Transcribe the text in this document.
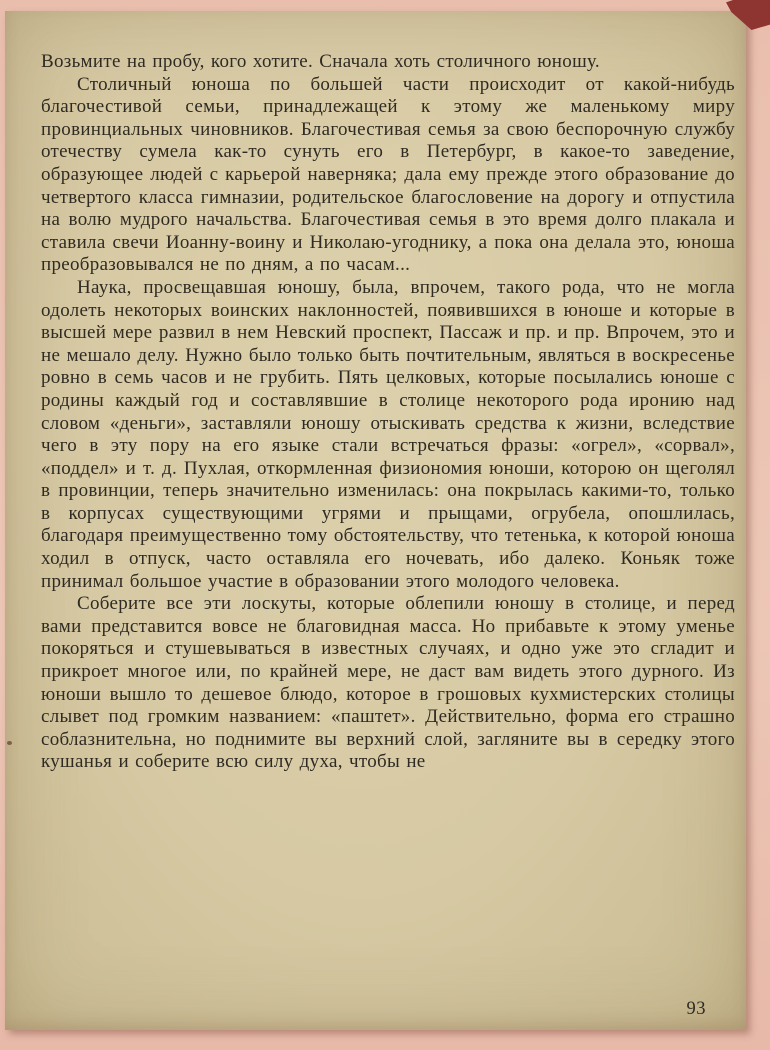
Возьмите на пробу, кого хотите. Сначала хоть столичного юношу.

Столичный юноша по большей части происходит от какой-нибудь благочестивой семьи, принадлежащей к этому же маленькому миру провинциальных чиновников. Благочестивая семья за свою беспорочную службу отечеству сумела как-то сунуть его в Петербург, в какое-то заведение, образующее людей с карьерой наверняка; дала ему прежде этого образование до четвертого класса гимназии, родительское благословение на дорогу и отпустила на волю мудрого начальства. Благочестивая семья в это время долго плакала и ставила свечи Иоанну-воину и Николаю-угоднику, а пока она делала это, юноша преобразовывался не по дням, а по часам...

Наука, просвещавшая юношу, была, впрочем, такого рода, что не могла одолеть некоторых воинских наклонностей, появившихся в юноше и которые в высшей мере развил в нем Невский проспект, Пассаж и пр. и пр. Впрочем, это и не мешало делу. Нужно было только быть почтительным, являться в воскресенье ровно в семь часов и не грубить. Пять целковых, которые посылались юноше с родины каждый год и составлявшие в столице некоторого рода иронию над словом «деньги», заставляли юношу отыскивать средства к жизни, вследствие чего в эту пору на его языке стали встречаться фразы: «огрел», «сорвал», «поддел» и т. д. Пухлая, откормленная физиономия юноши, которою он щеголял в провинции, теперь значительно изменилась: она покрылась какими-то, только в корпусах существующими угрями и прыщами, огрубела, опошлилась, благодаря преимущественно тому обстоятельству, что тетенька, к которой юноша ходил в отпуск, часто оставляла его ночевать, ибо далеко. Коньяк тоже принимал большое участие в образовании этого молодого человека.

Соберите все эти лоскуты, которые облепили юношу в столице, и перед вами представится вовсе не благовидная масса. Но прибавьте к этому уменье покоряться и стушевываться в известных случаях, и одно уже это сгладит и прикроет многое или, по крайней мере, не даст вам видеть этого дурного. Из юноши вышло то дешевое блюдо, которое в грошовых кухмистерских столицы слывет под громким названием: «паштет». Действительно, форма его страшно соблазнительна, но поднимите вы верхний слой, загляните вы в середку этого кушанья и соберите всю силу духа, чтобы не

93
